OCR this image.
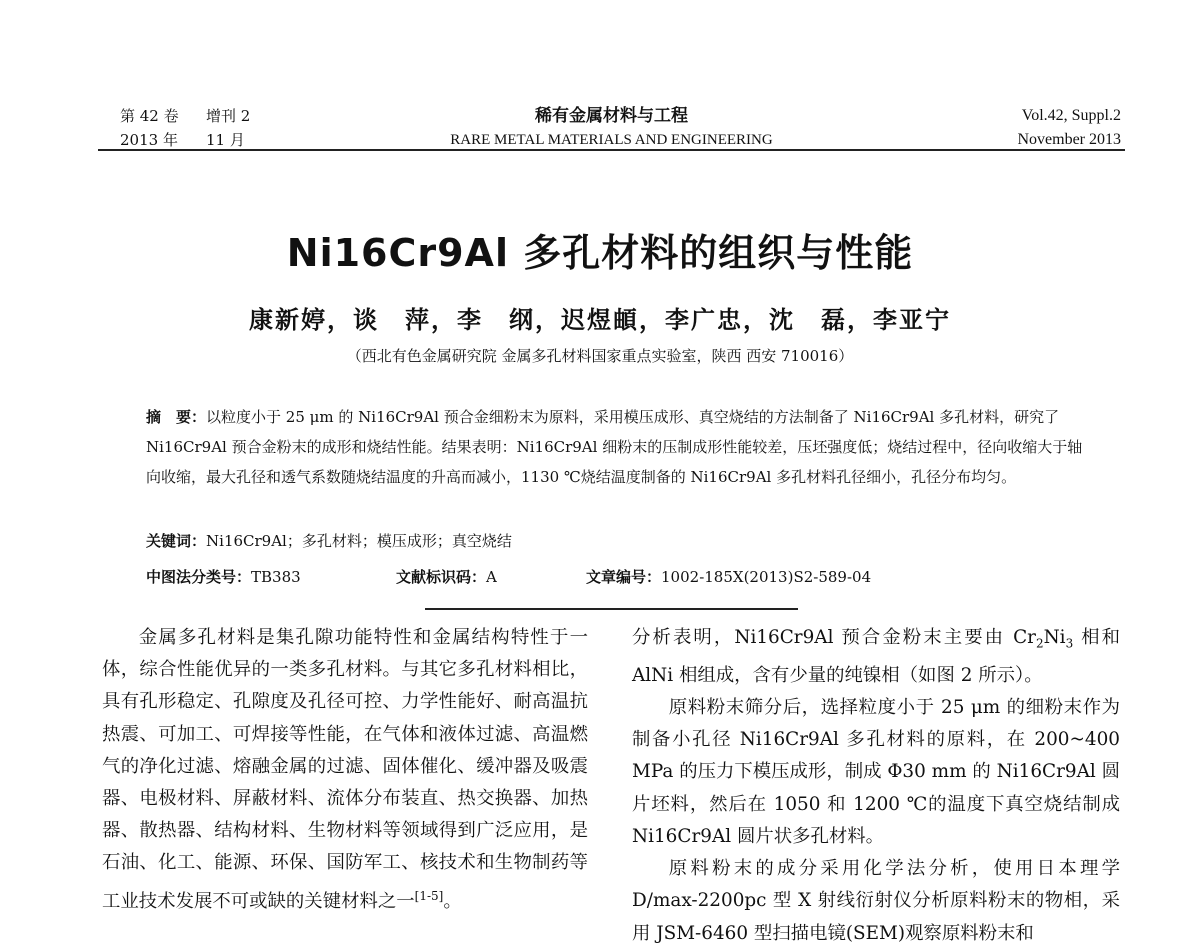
第 42 卷	增刊 2
2013 年	11 月
稀有金属材料与工程
RARE METAL MATERIALS AND ENGINEERING
Vol.42, Suppl.2
November 2013
Ni16Cr9Al 多孔材料的组织与性能
康新婷，谈　萍，李　纲，迟煜頔，李广忠，沈　磊，李亚宁
（西北有色金属研究院 金属多孔材料国家重点实验室，陕西 西安 710016）
摘　要：以粒度小于 25 μm 的 Ni16Cr9Al 预合金细粉末为原料，采用模压成形、真空烧结的方法制备了 Ni16Cr9Al 多孔材料，研究了 Ni16Cr9Al 预合金粉末的成形和烧结性能。结果表明：Ni16Cr9Al 细粉末的压制成形性能较差，压坯强度低；烧结过程中，径向收缩大于轴向收缩，最大孔径和透气系数随烧结温度的升高而减小，1130 ℃烧结温度制备的 Ni16Cr9Al 多孔材料孔径细小，孔径分布均匀。
关键词：Ni16Cr9Al；多孔材料；模压成形；真空烧结
中图法分类号：TB383	文献标识码：A	文章编号：1002-185X(2013)S2-589-04

金属多孔材料是集孔隙功能特性和金属结构特性于一体，综合性能优异的一类多孔材料。与其它多孔材料相比，具有孔形稳定、孔隙度及孔径可控、力学性能好、耐高温抗热震、可加工、可焊接等性能，在气体和液体过滤、高温燃气的净化过滤、熔融金属的过滤、固体催化、缓冲器及吸震器、电极材料、屏蔽材料、流体分布装直、热交换器、加热器、散热器、结构材料、生物材料等领域得到广泛应用，是石油、化工、能源、环保、国防军工、核技术和生物制药等工业技术发展不可或缺的关键材料之一[1-5]。

分析表明，Ni16Cr9Al 预合金粉末主要由 $Cr_2Ni_3$ 相和 AlNi 相组成，含有少量的纯镍相（如图 2 所示）。

原料粉末筛分后，选择粒度小于 25 μm 的细粉末作为制备小孔径 Ni16Cr9Al 多孔材料的原料，在 200~400 MPa 的压力下模压成形，制成 Φ30 mm 的 Ni16Cr9Al 圆片坯料，然后在 1050 和 1200 ℃的温度下真空烧结制成 Ni16Cr9Al 圆片状多孔材料。

原料粉末的成分采用化学法分析，使用日本理学 D/max-2200pc 型 X 射线衍射仪分析原料粉末的物相，采用 JSM-6460 型扫描电镜(SEM)观察原料粉末和
